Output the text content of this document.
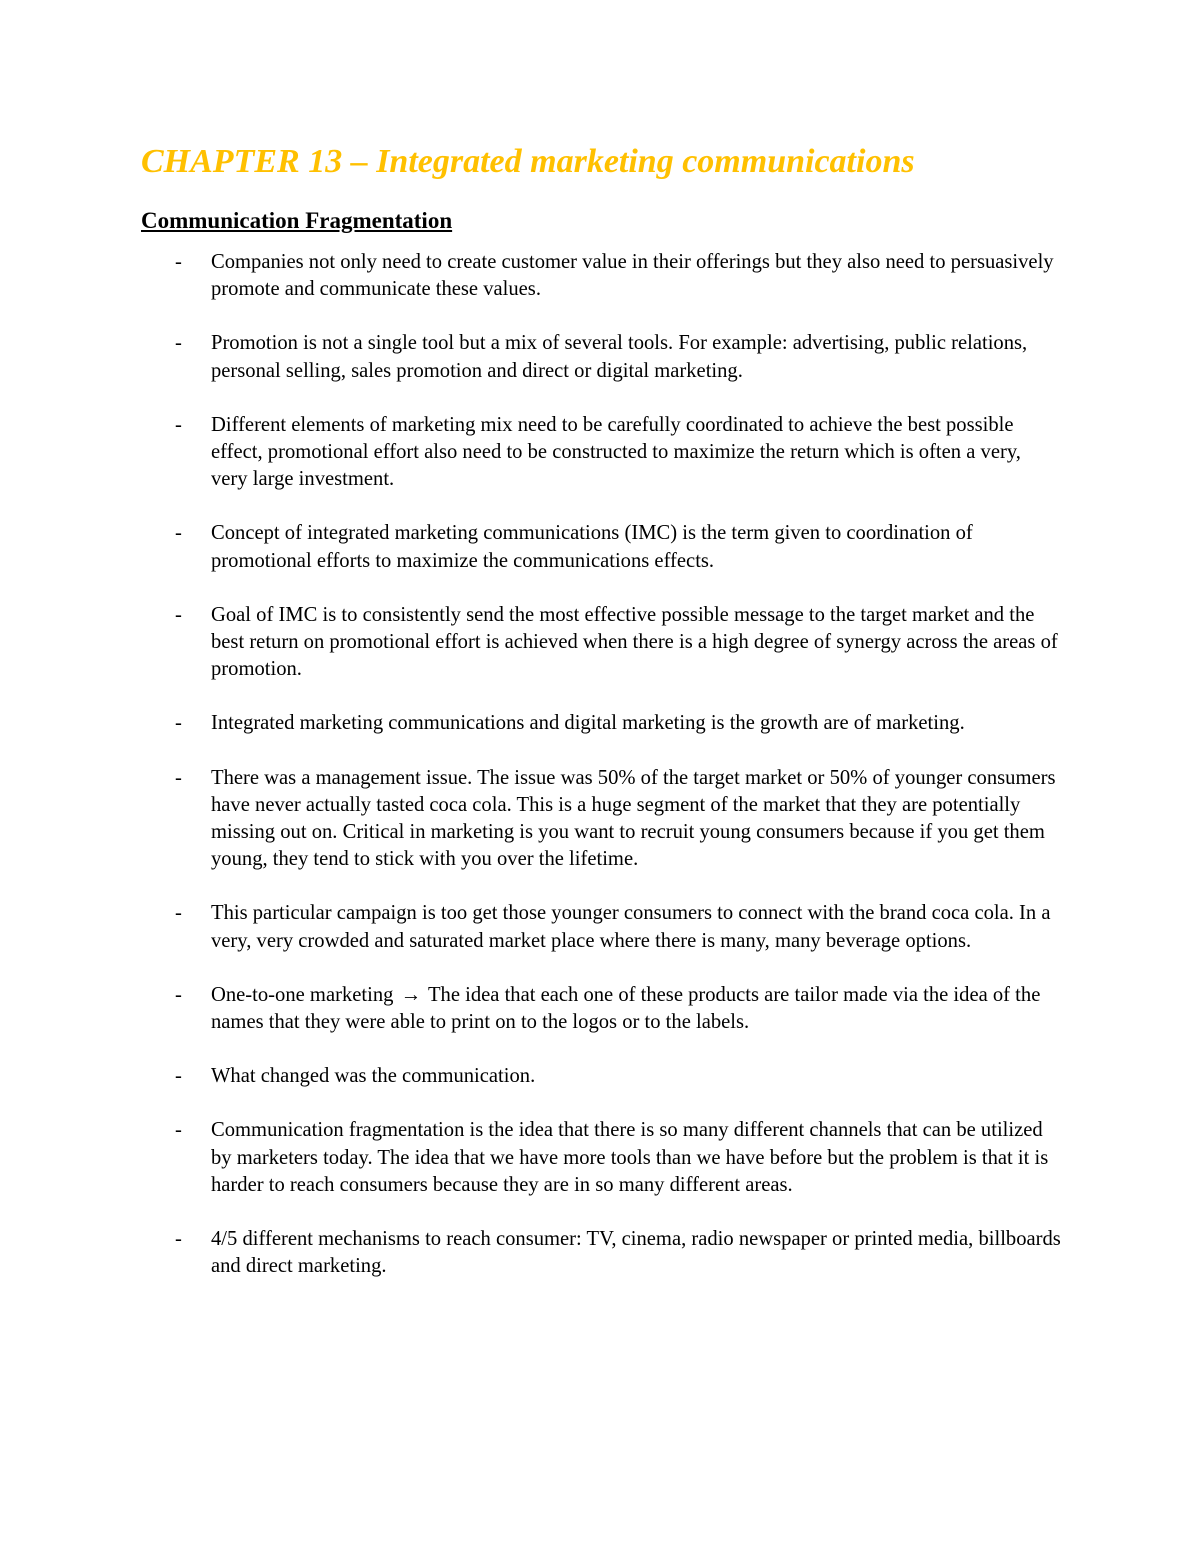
CHAPTER 13 – Integrated marketing communications
Communication Fragmentation
- Companies not only need to create customer value in their offerings but they also need to persuasively promote and communicate these values.
- Promotion is not a single tool but a mix of several tools. For example: advertising, public relations, personal selling, sales promotion and direct or digital marketing.
- Different elements of marketing mix need to be carefully coordinated to achieve the best possible effect, promotional effort also need to be constructed to maximize the return which is often a very, very large investment.
- Concept of integrated marketing communications (IMC) is the term given to coordination of promotional efforts to maximize the communications effects.
- Goal of IMC is to consistently send the most effective possible message to the target market and the best return on promotional effort is achieved when there is a high degree of synergy across the areas of promotion.
- Integrated marketing communications and digital marketing is the growth are of marketing.
- There was a management issue. The issue was 50% of the target market or 50% of younger consumers have never actually tasted coca cola. This is a huge segment of the market that they are potentially missing out on. Critical in marketing is you want to recruit young consumers because if you get them young, they tend to stick with you over the lifetime.
- This particular campaign is too get those younger consumers to connect with the brand coca cola. In a very, very crowded and saturated market place where there is many, many beverage options.
- One-to-one marketing → The idea that each one of these products are tailor made via the idea of the names that they were able to print on to the logos or to the labels.
- What changed was the communication.
- Communication fragmentation is the idea that there is so many different channels that can be utilized by marketers today. The idea that we have more tools than we have before but the problem is that it is harder to reach consumers because they are in so many different areas.
- 4/5 different mechanisms to reach consumer: TV, cinema, radio newspaper or printed media, billboards and direct marketing.
